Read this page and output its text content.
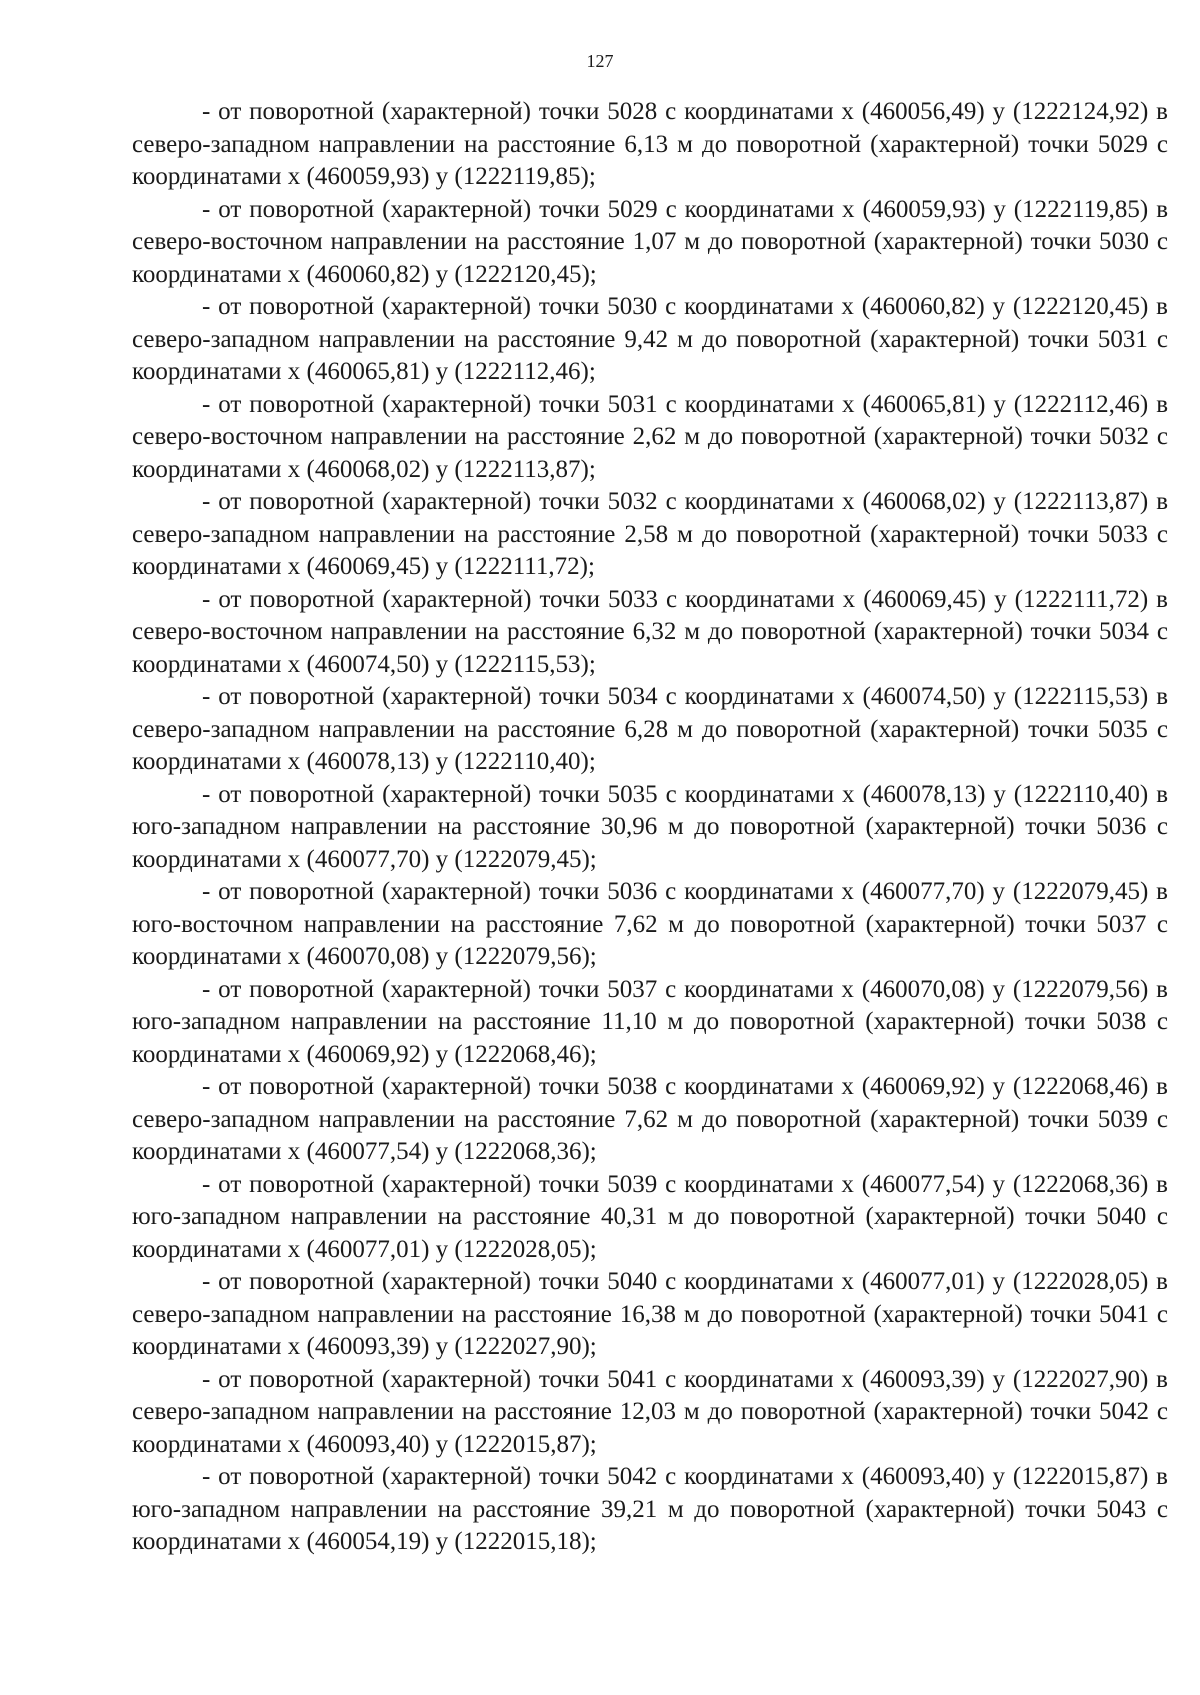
127

- от поворотной (характерной) точки 5028 с координатами х (460056,49) у (1222124,92) в северо-западном направлении на расстояние 6,13 м до поворотной (характерной) точки 5029 с координатами х (460059,93) у (1222119,85);

- от поворотной (характерной) точки 5029 с координатами х (460059,93) у (1222119,85) в северо-восточном направлении на расстояние 1,07 м до поворотной (характерной) точки 5030 с координатами х (460060,82) у (1222120,45);

- от поворотной (характерной) точки 5030 с координатами х (460060,82) у (1222120,45) в северо-западном направлении на расстояние 9,42 м до поворотной (характерной) точки 5031 с координатами х (460065,81) у (1222112,46);

- от поворотной (характерной) точки 5031 с координатами х (460065,81) у (1222112,46) в северо-восточном направлении на расстояние 2,62 м до поворотной (характерной) точки 5032 с координатами х (460068,02) у (1222113,87);

- от поворотной (характерной) точки 5032 с координатами х (460068,02) у (1222113,87) в северо-западном направлении на расстояние 2,58 м до поворотной (характерной) точки 5033 с координатами х (460069,45) у (1222111,72);

- от поворотной (характерной) точки 5033 с координатами х (460069,45) у (1222111,72) в северо-восточном направлении на расстояние 6,32 м до поворотной (характерной) точки 5034 с координатами х (460074,50) у (1222115,53);

- от поворотной (характерной) точки 5034 с координатами х (460074,50) у (1222115,53) в северо-западном направлении на расстояние 6,28 м до поворотной (характерной) точки 5035 с координатами х (460078,13) у (1222110,40);

- от поворотной (характерной) точки 5035 с координатами х (460078,13) у (1222110,40) в юго-западном направлении на расстояние 30,96 м до поворотной (характерной) точки 5036 с координатами х (460077,70) у (1222079,45);

- от поворотной (характерной) точки 5036 с координатами х (460077,70) у (1222079,45) в юго-восточном направлении на расстояние 7,62 м до поворотной (характерной) точки 5037 с координатами х (460070,08) у (1222079,56);

- от поворотной (характерной) точки 5037 с координатами х (460070,08) у (1222079,56) в юго-западном направлении на расстояние 11,10 м до поворотной (характерной) точки 5038 с координатами х (460069,92) у (1222068,46);

- от поворотной (характерной) точки 5038 с координатами х (460069,92) у (1222068,46) в северо-западном направлении на расстояние 7,62 м до поворотной (характерной) точки 5039 с координатами х (460077,54) у (1222068,36);

- от поворотной (характерной) точки 5039 с координатами х (460077,54) у (1222068,36) в юго-западном направлении на расстояние 40,31 м до поворотной (характерной) точки 5040 с координатами х (460077,01) у (1222028,05);

- от поворотной (характерной) точки 5040 с координатами х (460077,01) у (1222028,05) в северо-западном направлении на расстояние 16,38 м до поворотной (характерной) точки 5041 с координатами х (460093,39) у (1222027,90);

- от поворотной (характерной) точки 5041 с координатами х (460093,39) у (1222027,90) в северо-западном направлении на расстояние 12,03 м до поворотной (характерной) точки 5042 с координатами х (460093,40) у (1222015,87);

- от поворотной (характерной) точки 5042 с координатами х (460093,40) у (1222015,87) в юго-западном направлении на расстояние 39,21 м до поворотной (характерной) точки 5043 с координатами х (460054,19) у (1222015,18);
